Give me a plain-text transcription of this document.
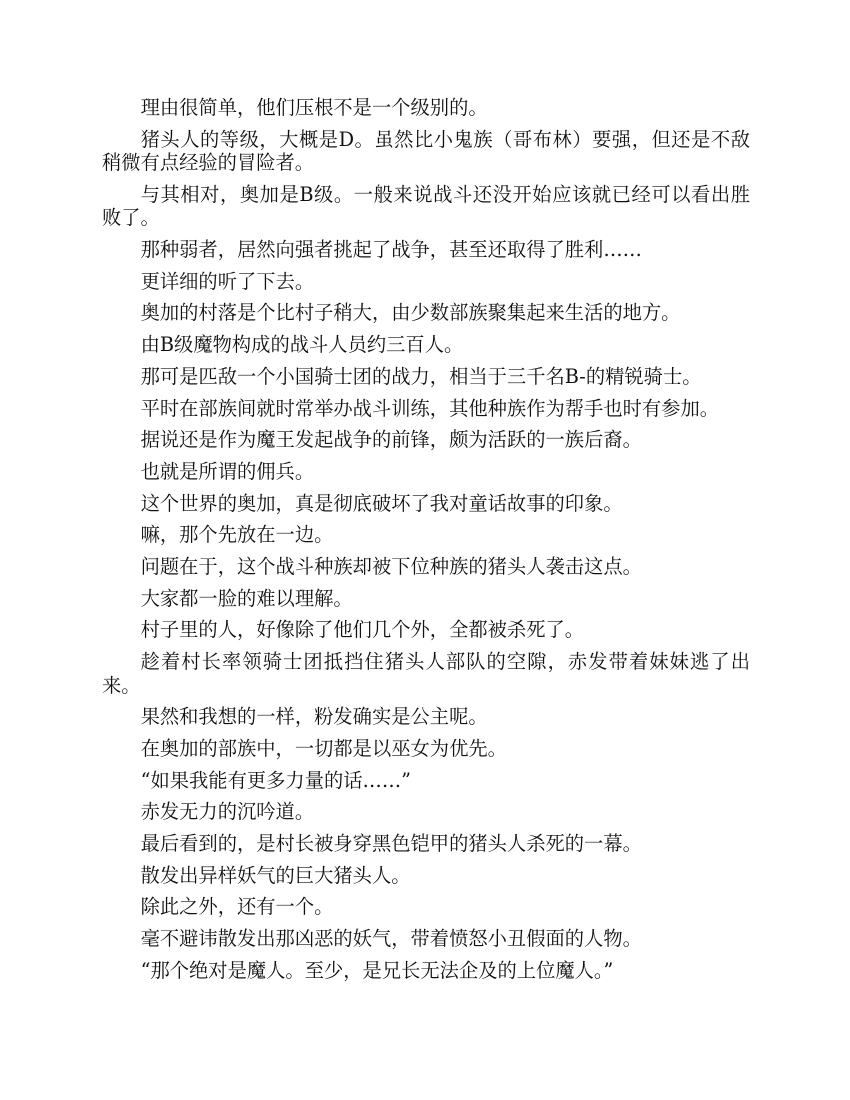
理由很简单，他们压根不是一个级别的。

猪头人的等级，大概是D。虽然比小鬼族（哥布林）要强，但还是不敌稍微有点经验的冒险者。

与其相对，奥加是B级。一般来说战斗还没开始应该就已经可以看出胜败了。

那种弱者，居然向强者挑起了战争，甚至还取得了胜利……

更详细的听了下去。

奥加的村落是个比村子稍大，由少数部族聚集起来生活的地方。

由B级魔物构成的战斗人员约三百人。

那可是匹敌一个小国骑士团的战力，相当于三千名B-的精锐骑士。

平时在部族间就时常举办战斗训练，其他种族作为帮手也时有参加。

据说还是作为魔王发起战争的前锋，颇为活跃的一族后裔。

也就是所谓的佣兵。

这个世界的奥加，真是彻底破坏了我对童话故事的印象。

嘛，那个先放在一边。

问题在于，这个战斗种族却被下位种族的猪头人袭击这点。

大家都一脸的难以理解。

村子里的人，好像除了他们几个外，全都被杀死了。

趁着村长率领骑士团抵挡住猪头人部队的空隙，赤发带着妹妹逃了出来。

果然和我想的一样，粉发确实是公主呢。

在奥加的部族中，一切都是以巫女为优先。

“如果我能有更多力量的话……”

赤发无力的沉吟道。

最后看到的，是村长被身穿黑色铠甲的猪头人杀死的一幕。

散发出异样妖气的巨大猪头人。

除此之外，还有一个。

毫不避讳散发出那凶恶的妖气，带着愤怒小丑假面的人物。

“那个绝对是魔人。至少，是兄长无法企及的上位魔人。”
